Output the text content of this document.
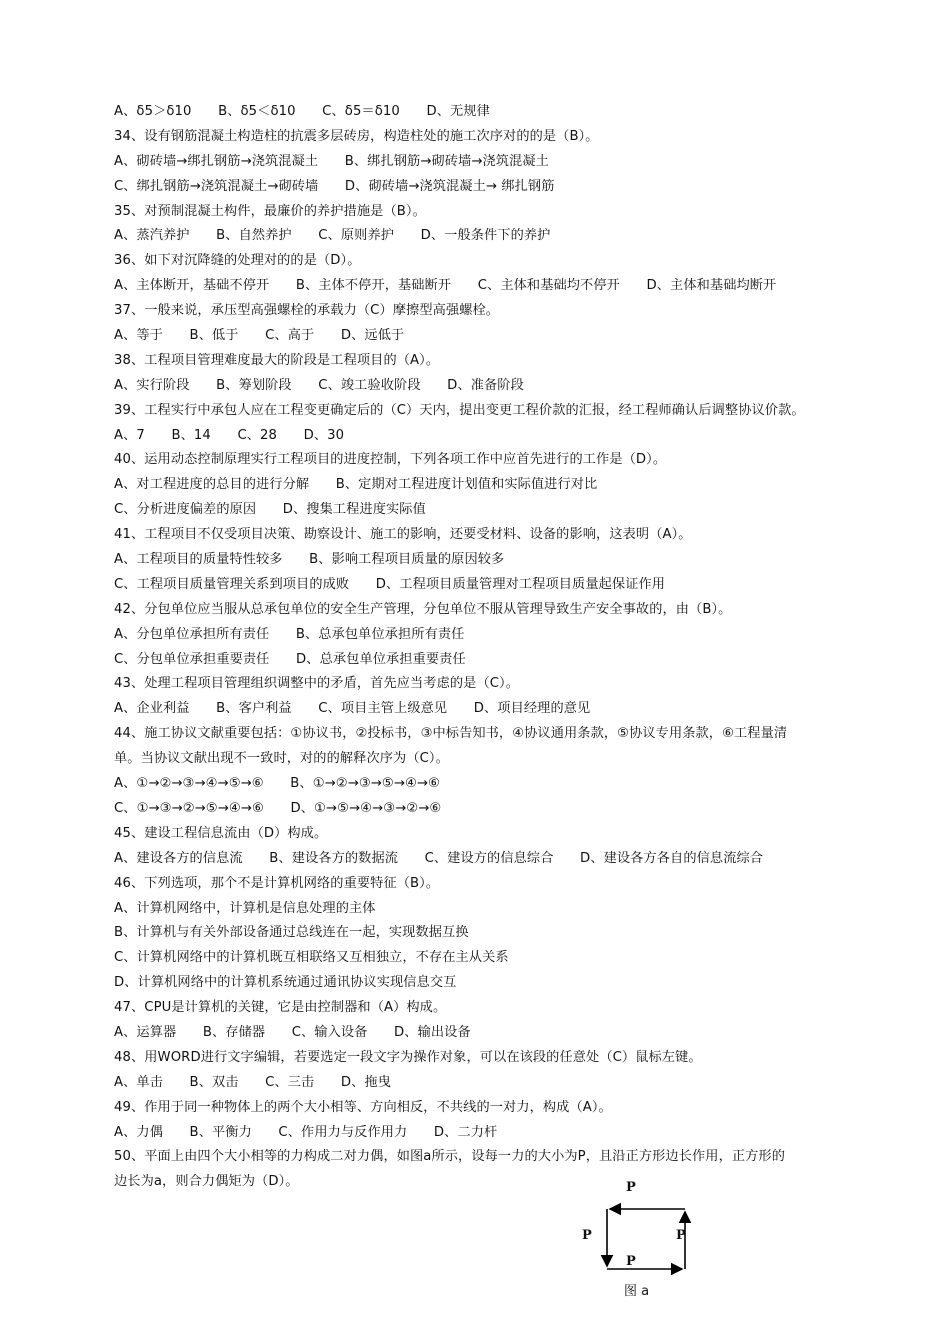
A、δ5＞δ10　　B、δ5＜δ10　　C、δ5＝δ10　　D、无规律
34、设有钢筋混凝土构造柱的抗震多层砖房，构造柱处的施工次序对的的是（B）。
A、砌砖墙→绑扎钢筋→浇筑混凝土　　B、绑扎钢筋→砌砖墙→浇筑混凝土
C、绑扎钢筋→浇筑混凝土→砌砖墙　　D、砌砖墙→浇筑混凝土→ 绑扎钢筋
35、对预制混凝土构件，最廉价的养护措施是（B）。
A、蒸汽养护　　B、自然养护　　C、原则养护　　D、一般条件下的养护
36、如下对沉降缝的处理对的的是（D）。
A、主体断开，基础不停开　　B、主体不停开，基础断开　　C、主体和基础均不停开　　D、主体和基础均断开
37、一般来说，承压型高强螺栓的承载力（C）摩擦型高强螺栓。
A、等于　　B、低于　　C、高于　　D、远低于
38、工程项目管理难度最大的阶段是工程项目的（A）。
A、实行阶段　　B、筹划阶段　　C、竣工验收阶段　　D、准备阶段
39、工程实行中承包人应在工程变更确定后的（C）天内，提出变更工程价款的汇报，经工程师确认后调整协议价款。
A、7　　B、14　　C、28　　D、30
40、运用动态控制原理实行工程项目的进度控制，下列各项工作中应首先进行的工作是（D）。
A、对工程进度的总目的进行分解　　B、定期对工程进度计划值和实际值进行对比
C、分析进度偏差的原因　　D、搜集工程进度实际值
41、工程项目不仅受项目决策、勘察设计、施工的影响，还要受材料、设备的影响，这表明（A）。
A、工程项目的质量特性较多　　B、影响工程项目质量的原因较多
C、工程项目质量管理关系到项目的成败　　D、工程项目质量管理对工程项目质量起保证作用
42、分包单位应当服从总承包单位的安全生产管理，分包单位不服从管理导致生产安全事故的，由（B）。
A、分包单位承担所有责任　　B、总承包单位承担所有责任
C、分包单位承担重要责任　　D、总承包单位承担重要责任
43、处理工程项目管理组织调整中的矛盾，首先应当考虑的是（C）。
A、企业利益　　B、客户利益　　C、项目主管上级意见　　D、项目经理的意见
44、施工协议文献重要包括：①协议书，②投标书，③中标告知书，④协议通用条款，⑤协议专用条款，⑥工程量清
单。当协议文献出现不一致时，对的的解释次序为（C）。
A、①→②→③→④→⑤→⑥　　B、①→②→③→⑤→④→⑥
C、①→③→②→⑤→④→⑥　　D、①→⑤→④→③→②→⑥
45、建设工程信息流由（D）构成。
A、建设各方的信息流　　B、建设各方的数据流　　C、建设方的信息综合　　D、建设各方各自的信息流综合
46、下列选项，那个不是计算机网络的重要特征（B）。
A、计算机网络中，计算机是信息处理的主体
B、计算机与有关外部设备通过总线连在一起，实现数据互换
C、计算机网络中的计算机既互相联络又互相独立，不存在主从关系
D、计算机网络中的计算机系统通过通讯协议实现信息交互
47、CPU是计算机的关键，它是由控制器和（A）构成。
A、运算器　　B、存储器　　C、输入设备　　D、输出设备
48、用WORD进行文字编辑，若要选定一段文字为操作对象，可以在该段的任意处（C）鼠标左键。
A、单击　　B、双击　　C、三击　　D、拖曳
49、作用于同一种物体上的两个大小相等、方向相反，不共线的一对力，构成（A）。
A、力偶　　B、平衡力　　C、作用力与反作用力　　D、二力杆
50、平面上由四个大小相等的力构成二对力偶，如图a所示，设每一力的大小为P，且沿正方形边长作用，正方形的
边长为a，则合力偶矩为（D）。	P
P	P
P
图 a
